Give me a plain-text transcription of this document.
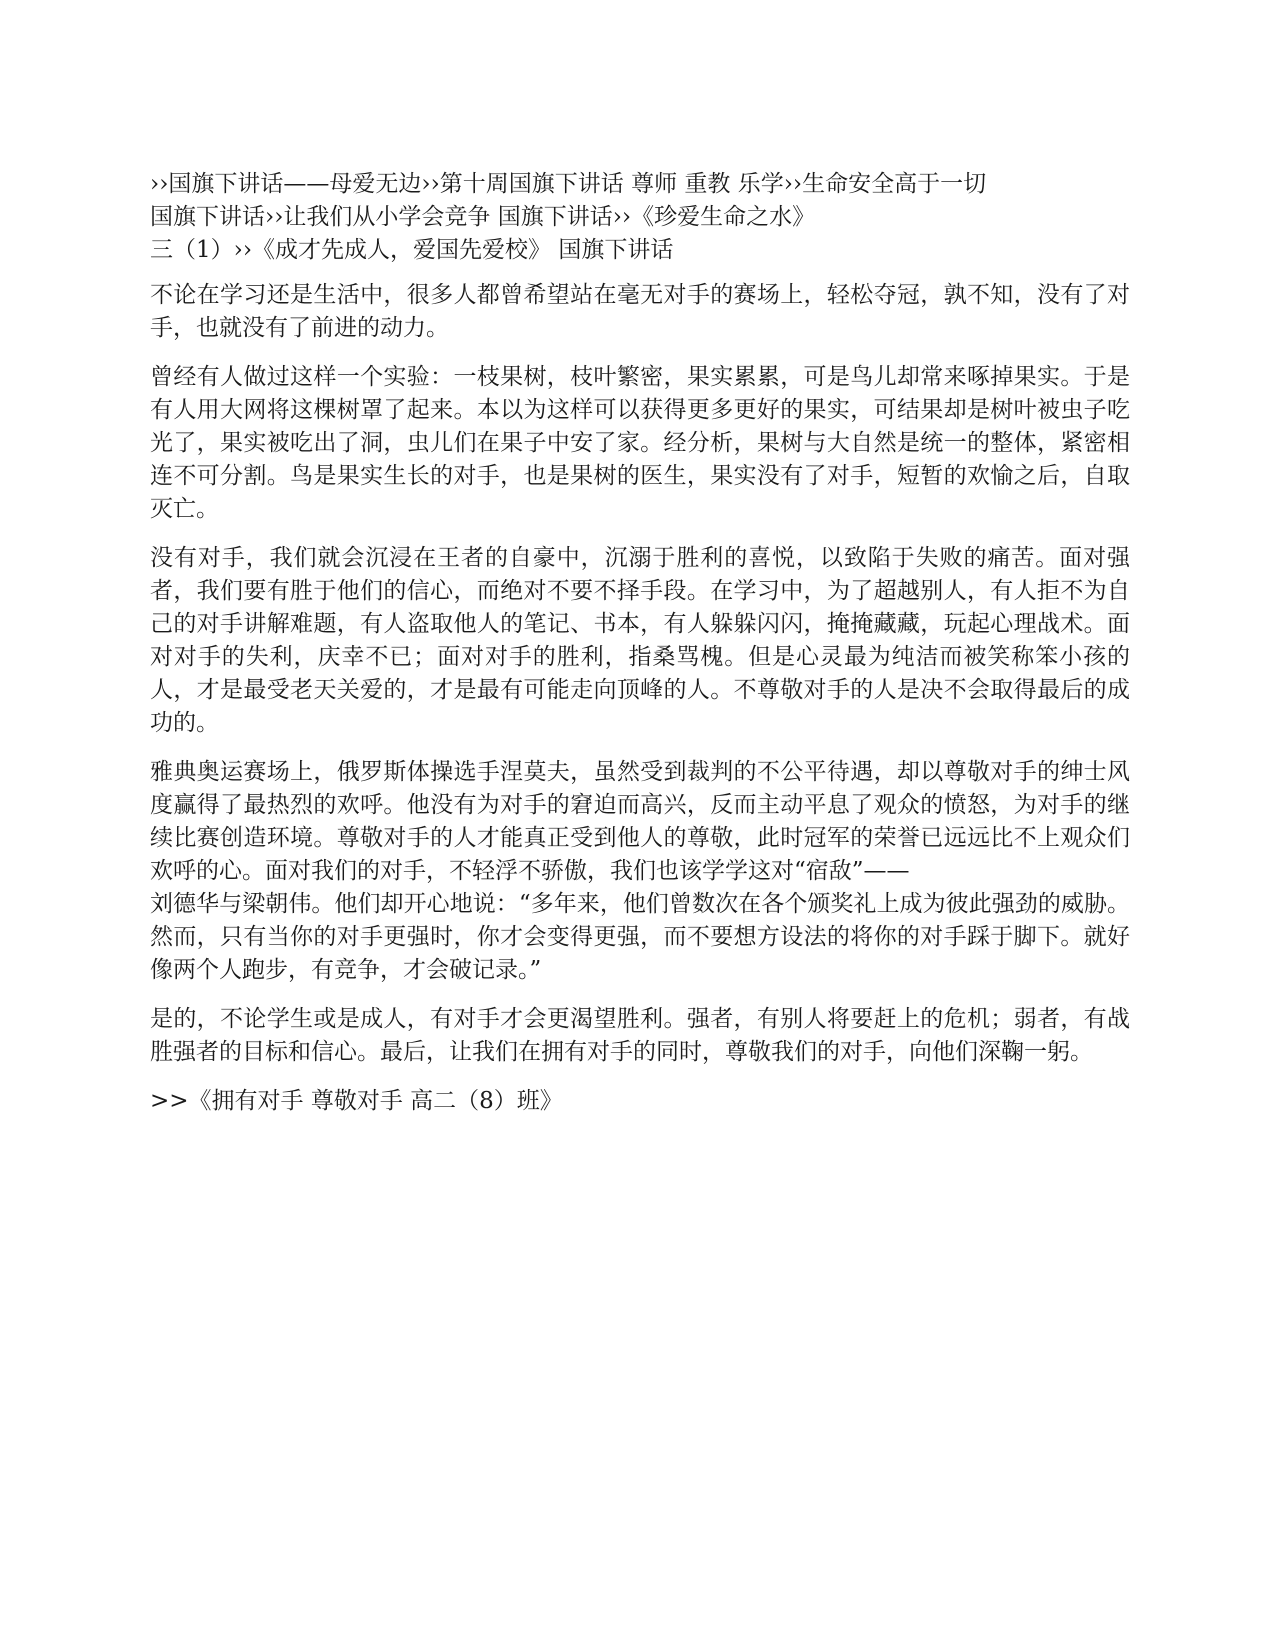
››国旗下讲话——母爱无边››第十周国旗下讲话 尊师 重教 乐学››生命安全高于一切
国旗下讲话››让我们从小学会竞争 国旗下讲话››《珍爱生命之水》
三（1）››《成才先成人，爱国先爱校》 国旗下讲话

不论在学习还是生活中，很多人都曾希望站在毫无对手的赛场上，轻松夺冠，孰不知，没有了对手，也就没有了前进的动力。

曾经有人做过这样一个实验：一枝果树，枝叶繁密，果实累累，可是鸟儿却常来啄掉果实。于是有人用大网将这棵树罩了起来。本以为这样可以获得更多更好的果实，可结果却是树叶被虫子吃光了，果实被吃出了洞，虫儿们在果子中安了家。经分析，果树与大自然是统一的整体，紧密相连不可分割。鸟是果实生长的对手，也是果树的医生，果实没有了对手，短暂的欢愉之后，自取灭亡。

没有对手，我们就会沉浸在王者的自豪中，沉溺于胜利的喜悦，以致陷于失败的痛苦。面对强者，我们要有胜于他们的信心，而绝对不要不择手段。在学习中，为了超越别人，有人拒不为自己的对手讲解难题，有人盗取他人的笔记、书本，有人躲躲闪闪，掩掩藏藏，玩起心理战术。面对对手的失利，庆幸不已；面对对手的胜利，指桑骂槐。但是心灵最为纯洁而被笑称笨小孩的人，才是最受老天关爱的，才是最有可能走向顶峰的人。不尊敬对手的人是决不会取得最后的成功的。

雅典奥运赛场上，俄罗斯体操选手涅莫夫，虽然受到裁判的不公平待遇，却以尊敬对手的绅士风度赢得了最热烈的欢呼。他没有为对手的窘迫而高兴，反而主动平息了观众的愤怒，为对手的继续比赛创造环境。尊敬对手的人才能真正受到他人的尊敬，此时冠军的荣誉已远远比不上观众们欢呼的心。面对我们的对手，不轻浮不骄傲，我们也该学学这对“宿敌”——

刘德华与梁朝伟。他们却开心地说：“多年来，他们曾数次在各个颁奖礼上成为彼此强劲的威胁。然而，只有当你的对手更强时，你才会变得更强，而不要想方设法的将你的对手踩于脚下。就好像两个人跑步，有竞争，才会破记录。”

是的，不论学生或是成人，有对手才会更渴望胜利。强者，有别人将要赶上的危机；弱者，有战胜强者的目标和信心。最后，让我们在拥有对手的同时，尊敬我们的对手，向他们深鞠一躬。

>>《拥有对手 尊敬对手 高二（8）班》
